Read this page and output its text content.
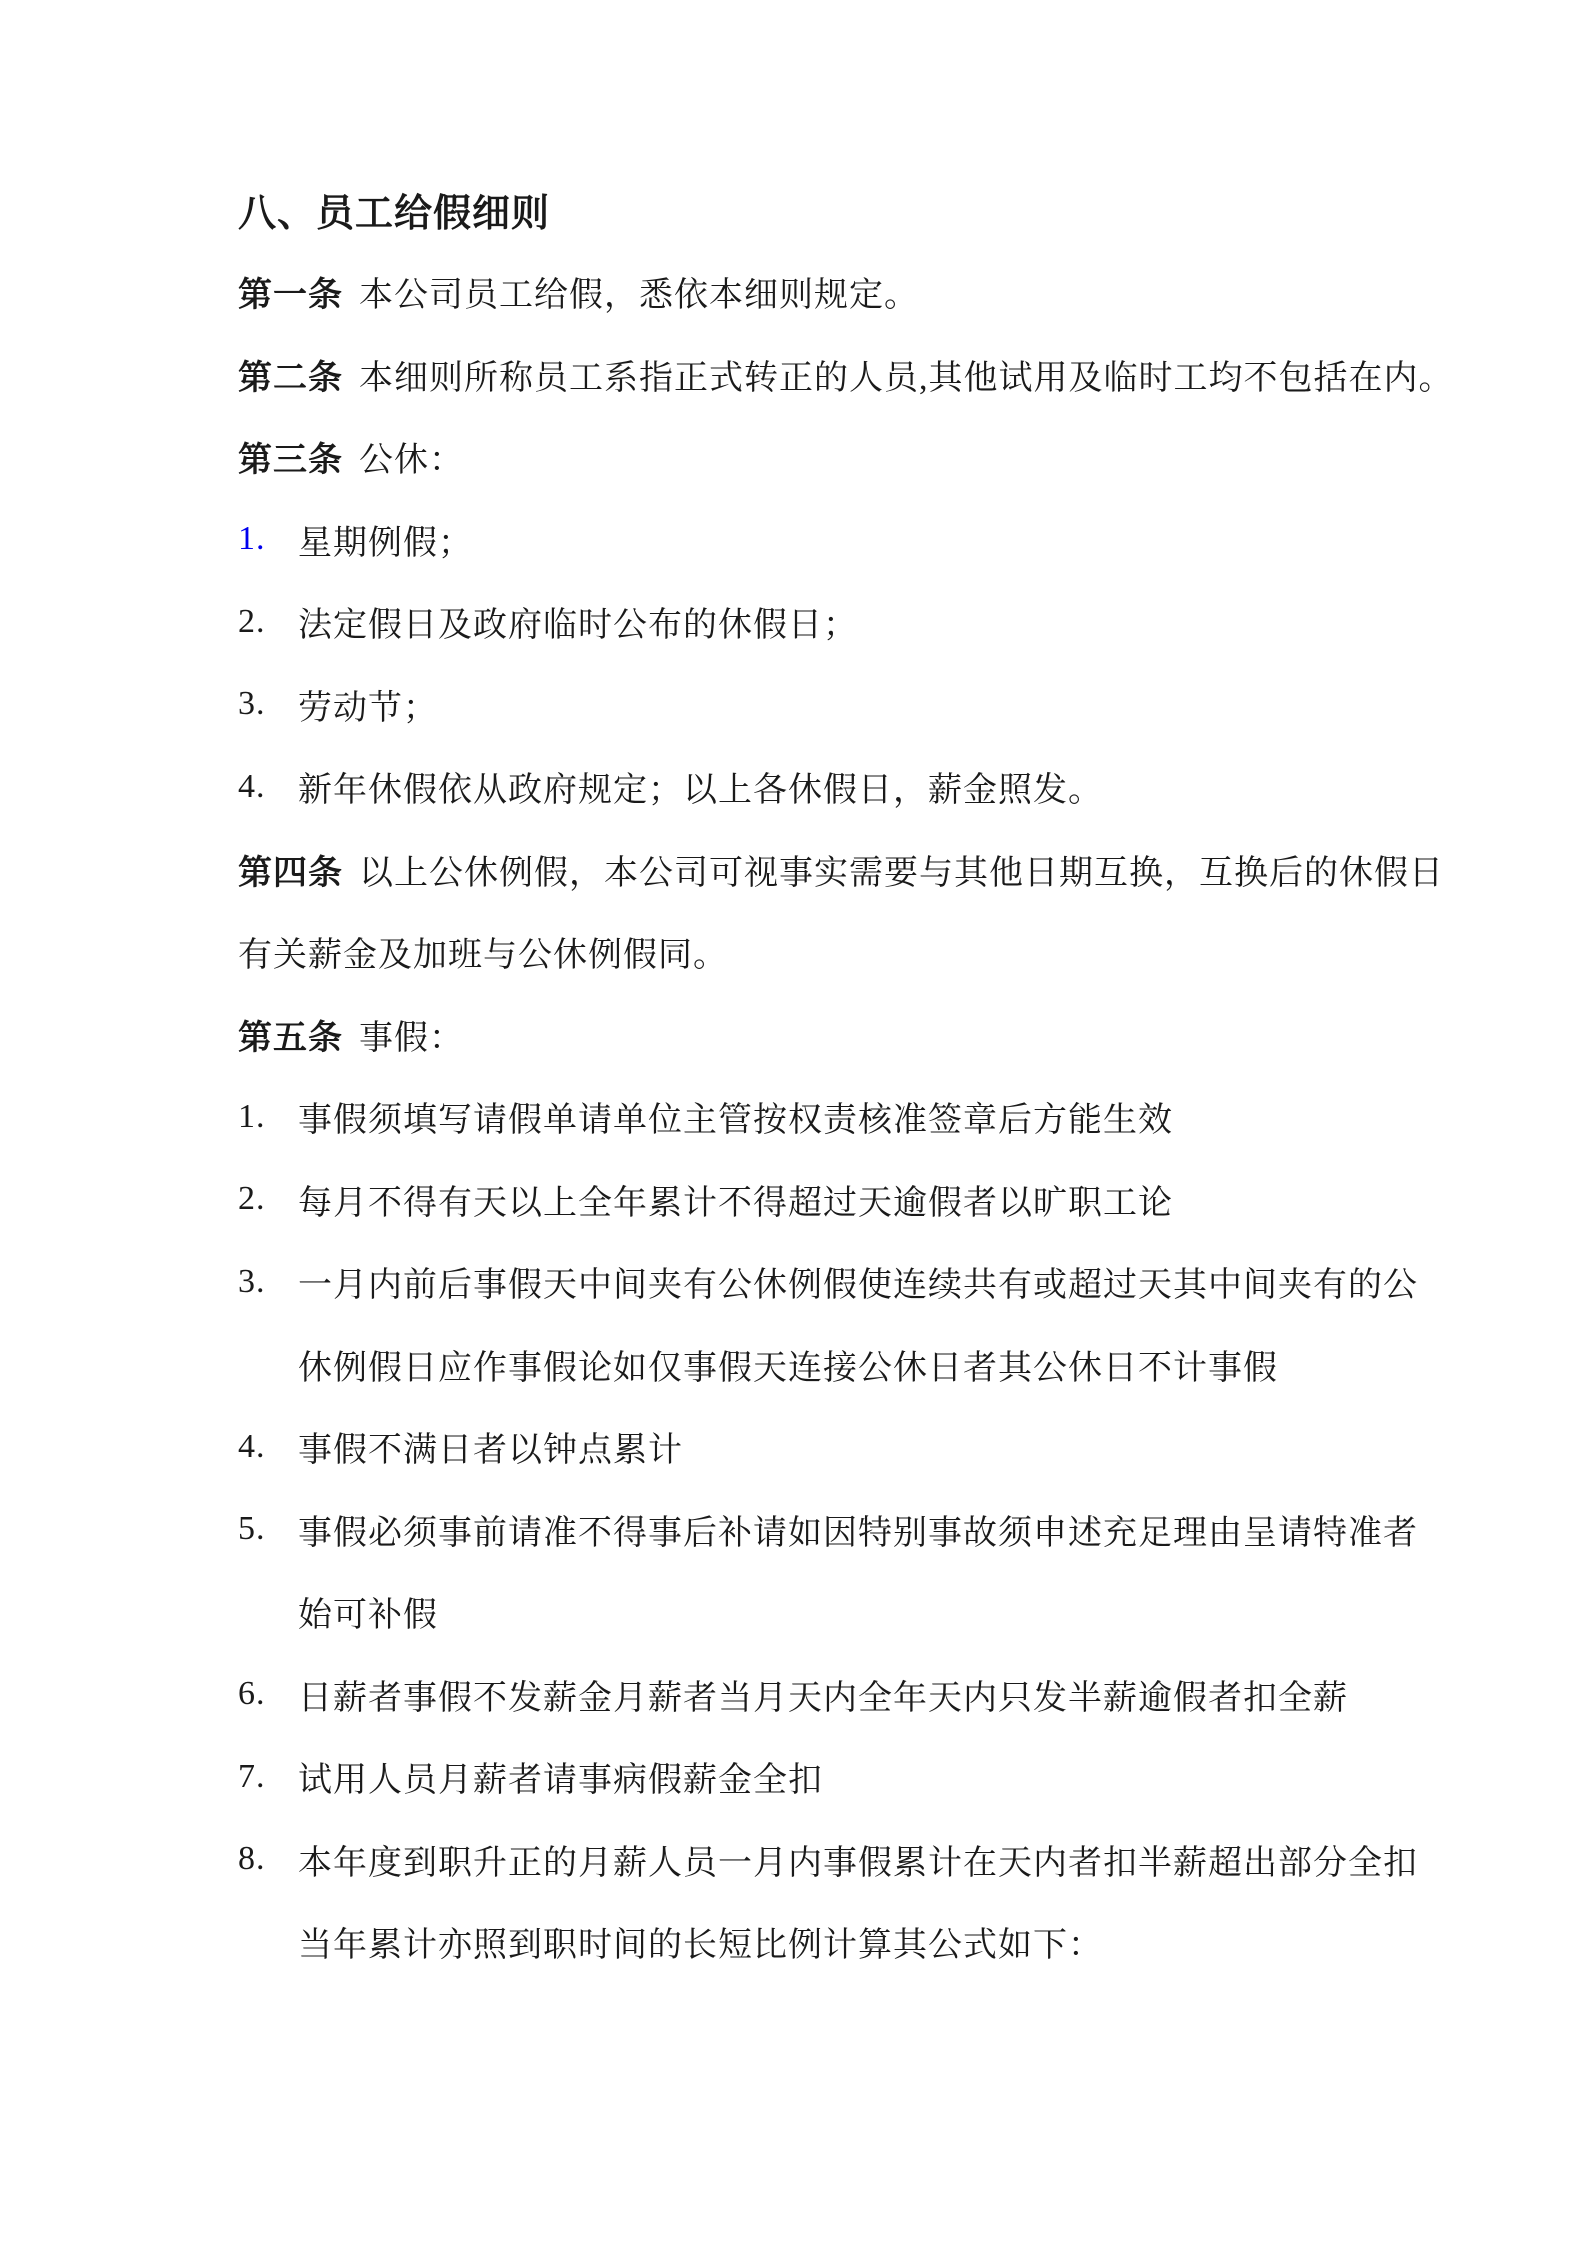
八、员工给假细则
第一条 本公司员工给假，悉依本细则规定。
第二条 本细则所称员工系指正式转正的人员,其他试用及临时工均不包括在内。
第三条 公休：
1. 星期例假；
2. 法定假日及政府临时公布的休假日；
3. 劳动节；
4. 新年休假依从政府规定；以上各休假日，薪金照发。
第四条 以上公休例假，本公司可视事实需要与其他日期互换，互换后的休假日
有关薪金及加班与公休例假同。
第五条 事假：
1. 事假须填写请假单请单位主管按权责核准签章后方能生效
2. 每月不得有天以上全年累计不得超过天逾假者以旷职工论
3. 一月内前后事假天中间夹有公休例假使连续共有或超过天其中间夹有的公
休例假日应作事假论如仅事假天连接公休日者其公休日不计事假
4. 事假不满日者以钟点累计
5. 事假必须事前请准不得事后补请如因特别事故须申述充足理由呈请特准者
始可补假
6. 日薪者事假不发薪金月薪者当月天内全年天内只发半薪逾假者扣全薪
7. 试用人员月薪者请事病假薪金全扣
8. 本年度到职升正的月薪人员一月内事假累计在天内者扣半薪超出部分全扣
当年累计亦照到职时间的长短比例计算其公式如下：
